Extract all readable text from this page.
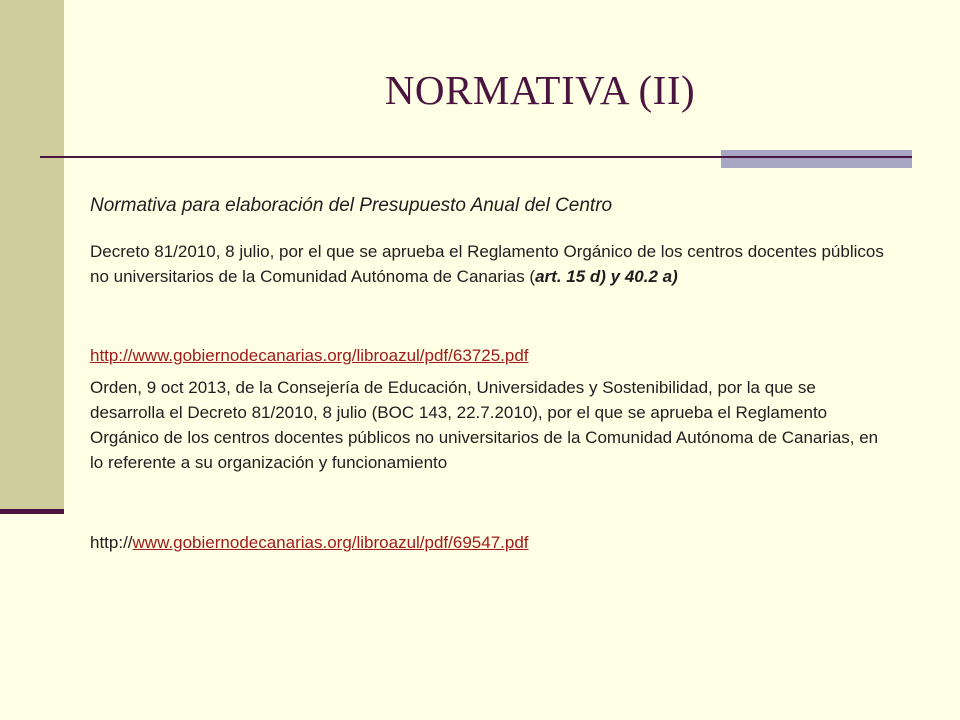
NORMATIVA (II)
Normativa para elaboración del Presupuesto Anual del Centro

Decreto 81/2010, 8 julio, por el que se aprueba el Reglamento Orgánico de los centros docentes públicos no universitarios de la Comunidad Autónoma de Canarias (art. 15 d) y 40.2 a)

http://www.gobiernodecanarias.org/libroazul/pdf/63725.pdf

Orden, 9 oct 2013, de la Consejería de Educación, Universidades y Sostenibilidad, por la que se desarrolla el Decreto 81/2010, 8 julio (BOC 143, 22.7.2010), por el que se aprueba el Reglamento Orgánico de los centros docentes públicos no universitarios de la Comunidad Autónoma de Canarias, en lo referente a su organización y funcionamiento

http://www.gobiernodecanarias.org/libroazul/pdf/69547.pdf
